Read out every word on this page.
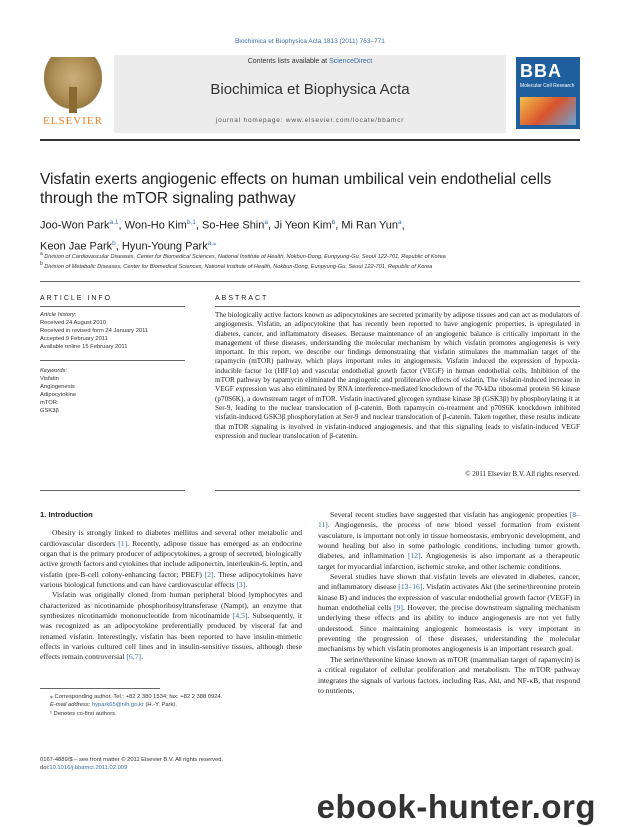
Biochimica et Biophysica Acta 1813 (2011) 763–771
ELSEVIER
Contents lists available at ScienceDirect
Biochimica et Biophysica Acta
journal homepage: www.elsevier.com/locate/bbamcr
BBA
Molecular Cell Research
Visfatin exerts angiogenic effects on human umbilical vein endothelial cells through the mTOR signaling pathway
Joo-Won Park$^{a,1}$, Won-Ho Kim$^{b,1}$, So-Hee Shin$^a$, Ji Yeon Kim$^b$, Mi Ran Yun$^a$,
Keon Jae Park$^b$, Hyun-Young Park$^{a,⁎}$
$^a$ Division of Cardiovascular Diseases, Center for Biomedical Sciences, National Institute of Health, Nokbun-Dong, Eunpyung-Gu, Seoul 122-701, Republic of Korea
$^b$ Division of Metabolic Diseases, Center for Biomedical Sciences, National Institute of Health, Nokbun-Dong, Eunpyung-Gu, Seoul 122-701, Republic of Korea
ARTICLE INFO
Article history:
Received 24 August 2010
Received in revised form 24 January 2011
Accepted 9 February 2011
Available online 15 February 2011
Keywords:
Visfatin
Angiogenesis
Adipocytokine
mTOR
GSK3β
ABSTRACT
The biologically active factors known as adipocytokines are secreted primarily by adipose tissues and can act as modulators of angiogenesis. Visfatin, an adipocytokine that has recently been reported to have angiogenic properties, is upregulated in diabetes, cancer, and inflammatory diseases. Because maintenance of an angiogenic balance is critically important in the management of these diseases, understanding the molecular mechanism by which visfatin promotes angiogenesis is very important. In this report, we describe our findings demonstrating that visfatin stimulates the mammalian target of the rapamycin (mTOR) pathway, which plays important roles in angiogenesis. Visfatin induced the expression of hypoxia-inducible factor 1α (HIF1α) and vascular endothelial growth factor (VEGF) in human endothelial cells. Inhibition of the mTOR pathway by rapamycin eliminated the angiogenic and proliferative effects of visfatin. The visfatin-induced increase in VEGF expression was also eliminated by RNA interference-mediated knockdown of the 70-kDa ribosomal protein S6 kinase (p70S6K), a downstream target of mTOR. Visfatin inactivated glycogen synthase kinase 3β (GSK3β) by phosphorylating it at Ser-9, leading to the nuclear translocation of β-catenin. Both rapamycin co-treatment and p70S6K knockdown inhibited visfatin-induced GSK3β phosphorylation at Ser-9 and nuclear translocation of β-catenin. Taken together, these results indicate that mTOR signaling is involved in visfatin-induced angiogenesis, and that this signaling leads to visfatin-induced VEGF expression and nuclear translocation of β-catenin.
© 2011 Elsevier B.V. All rights reserved.
1. Introduction

Obesity is strongly linked to diabetes mellitus and several other metabolic and cardiovascular disorders [1]. Recently, adipose tissue has emerged as an endocrine organ that is the primary producer of adipocytokines, a group of secreted, biologically active growth factors and cytokines that include adiponectin, interleukin-6, leptin, and visfatin (pre-B-cell colony-enhancing factor; PBEF) [2]. These adipocytokines have various biological functions and can have cardiovascular effects [3].

Visfatin was originally cloned from human peripheral blood lymphocytes and characterized as nicotinamide phosphoribosyltransferase (Nampt), an enzyme that synthesizes nicotinamide mononucleotide from nicotinamide [4,5]. Subsequently, it was recognized as an adipocytokine preferentially produced by visceral fat and renamed visfatin. Interestingly, visfatin has been reported to have insulin-mimetic effects in various cultured cell lines and in insulin-sensitive tissues, although these effects remain controversial [6,7].

Several recent studies have suggested that visfatin has angiogenic properties [8–11]. Angiogenesis, the process of new blood vessel formation from existent vasculature, is important not only in tissue homeostasis, embryonic development, and wound healing but also in some pathologic conditions, including tumor growth, diabetes, and inflammation [12]. Angiogenesis is also important as a therapeutic target for myocardial infarction, ischemic stroke, and other ischemic conditions.

Several studies have shown that visfatin levels are elevated in diabetes, cancer, and inflammatory disease [13–16]. Visfatin activates Akt (the serine/threonine protein kinase B) and induces the expression of vascular endothelial growth factor (VEGF) in human endothelial cells [9]. However, the precise downstream signaling mechanism underlying these effects and its ability to induce angiogenesis are not yet fully understood. Since maintaining angiogenic homeostasis is very important in preventing the progression of these diseases, understanding the molecular mechanisms by which visfatin promotes angiogenesis is an important research goal.

The serine/threonine kinase known as mTOR (mammalian target of rapamycin) is a critical regulator of cellular proliferation and metabolism. The mTOR pathway integrates the signals of various factors, including Ras, Akt, and NF-κB, that respond to nutrients,

⁎ Corresponding author. Tel.: +82 2 380 1534; fax: +82 2 388 0924.
E-mail address: hypark65@nih.go.kr (H.-Y. Park).
¹ Denotes co-first authors.
0167-4889/$ – see front matter © 2011 Elsevier B.V. All rights reserved.
doi:10.1016/j.bbamcr.2011.02.009
ebook-hunter.org
